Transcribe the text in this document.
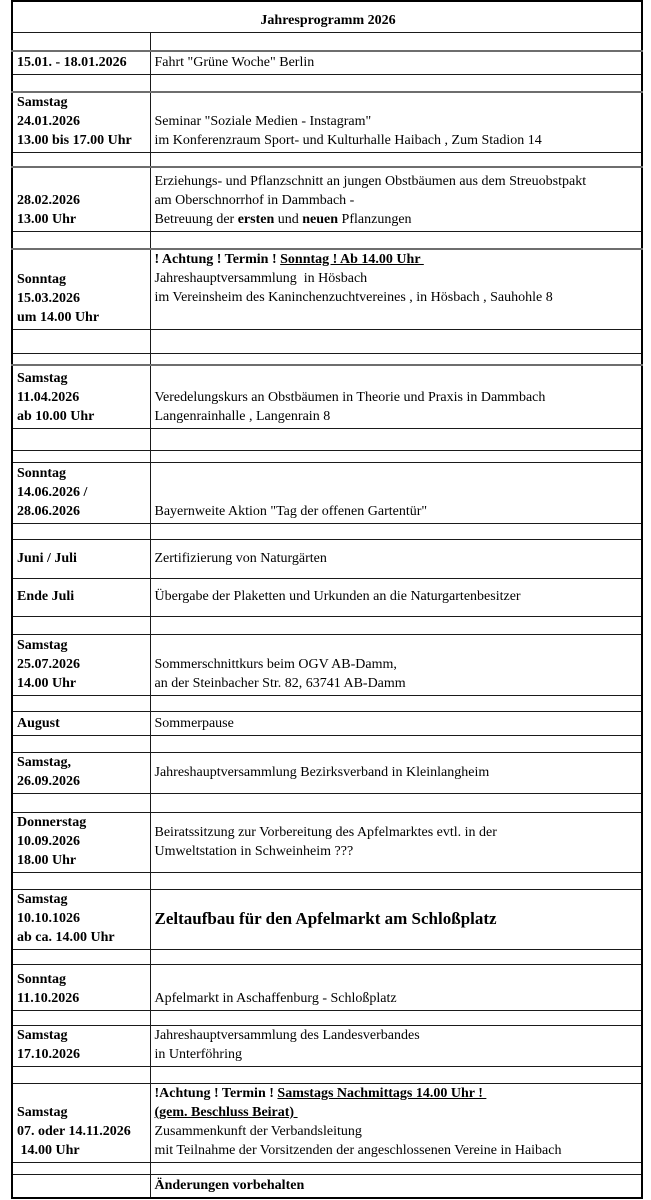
Jahresprogramm 2026	

15.01. - 18.01.2026	Fahrt "Grüne Woche" Berlin

Samstag
24.01.2026
13.00 bis 17.00 Uhr	Seminar "Soziale Medien - Instagram"
im Konferenzraum Sport- und Kulturhalle Haibach , Zum Stadion 14

28.02.2026
13.00 Uhr	Erziehungs- und Pflanzschnitt an jungen Obstbäumen aus dem Streuobstpakt
am Oberschnorrhof in Dammbach -
Betreuung der ersten und neuen Pflanzungen

Sonntag
15.03.2026
um 14.00 Uhr	! Achtung ! Termin ! Sonntag ! Ab 14.00 Uhr
Jahreshauptversammlung  in Hösbach
im Vereinsheim des Kaninchenzuchtvereines , in Hösbach , Sauhohle 8

Samstag
11.04.2026
ab 10.00 Uhr	Veredelungskurs an Obstbäumen in Theorie und Praxis in Dammbach
Langenrainhalle , Langenrain 8

Sonntag
14.06.2026 /
28.06.2026	Bayernweite Aktion "Tag der offenen Gartentür"

Juni / Juli	Zertifizierung von Naturgärten
Ende Juli	Übergabe der Plaketten und Urkunden an die Naturgartenbesitzer

Samstag
25.07.2026
14.00 Uhr	Sommerschnittkurs beim OGV AB-Damm,
an der Steinbacher Str. 82, 63741 AB-Damm

August	Sommerpause

Samstag,
26.09.2026	Jahreshauptversammlung Bezirksverband in Kleinlangheim

Donnerstag
10.09.2026
18.00 Uhr	Beiratssitzung zur Vorbereitung des Apfelmarktes evtl. in der
Umweltstation in Schweinheim ???

Samstag
10.10.1026
ab ca. 14.00 Uhr	Zeltaufbau für den Apfelmarkt am Schloßplatz

Sonntag
11.10.2026	Apfelmarkt in Aschaffenburg - Schloßplatz

Samstag
17.10.2026	Jahreshauptversammlung des Landesverbandes
in Unterföhring

Samstag
07. oder 14.11.2026
14.00 Uhr	!Achtung ! Termin ! Samstags Nachmittags 14.00 Uhr !
(gem. Beschluss Beirat)
Zusammenkunft der Verbandsleitung
mit Teilnahme der Vorsitzenden der angeschlossenen Vereine in Haibach

	Änderungen vorbehalten
